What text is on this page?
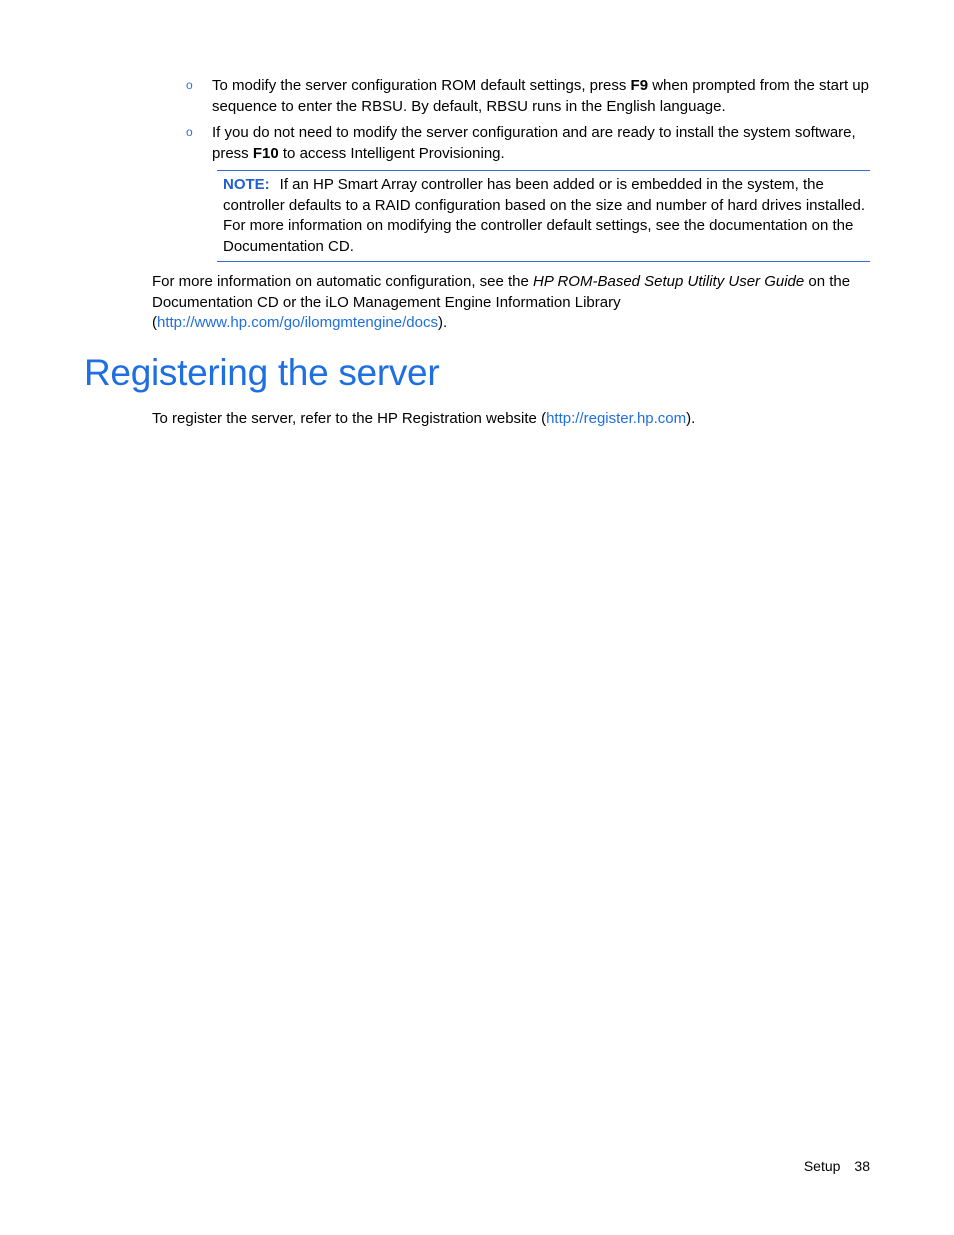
o To modify the server configuration ROM default settings, press F9 when prompted from the start up sequence to enter the RBSU. By default, RBSU runs in the English language.
o If you do not need to modify the server configuration and are ready to install the system software, press F10 to access Intelligent Provisioning.
NOTE: If an HP Smart Array controller has been added or is embedded in the system, the controller defaults to a RAID configuration based on the size and number of hard drives installed. For more information on modifying the controller default settings, see the documentation on the Documentation CD.
For more information on automatic configuration, see the HP ROM-Based Setup Utility User Guide on the Documentation CD or the iLO Management Engine Information Library (http://www.hp.com/go/ilomgmtengine/docs).
Registering the server
To register the server, refer to the HP Registration website (http://register.hp.com).
Setup 38
